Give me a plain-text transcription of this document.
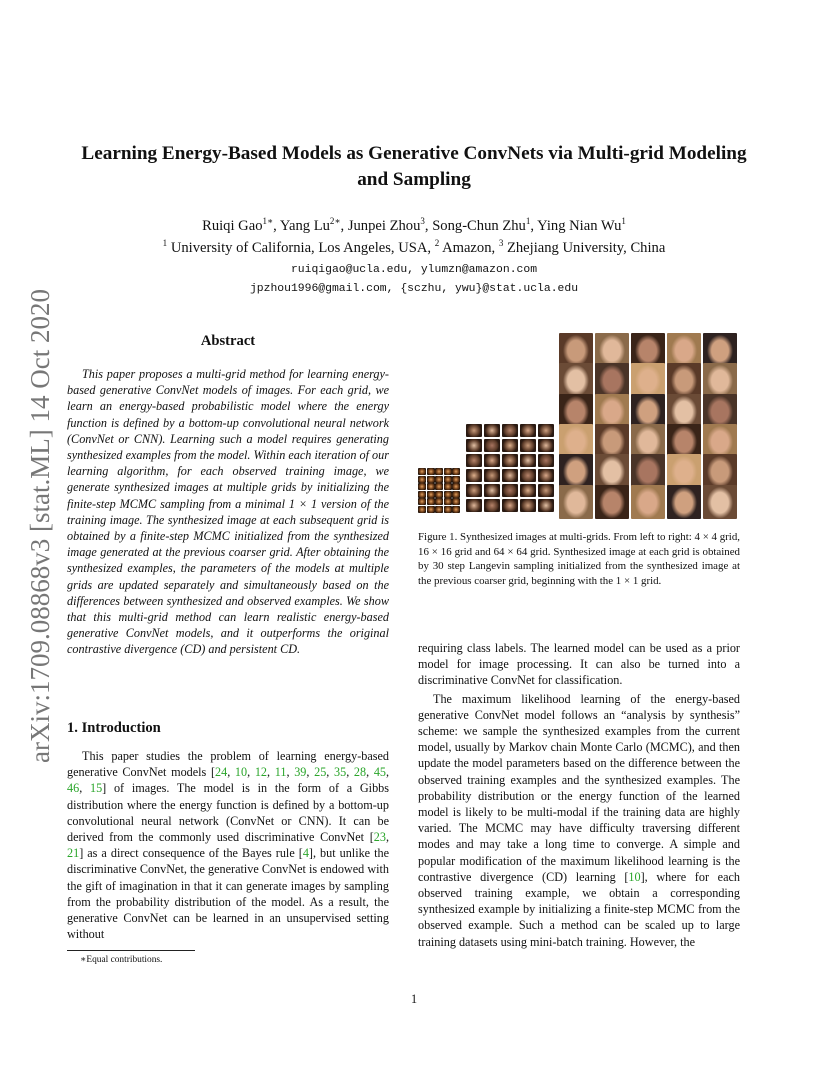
arXiv:1709.08868v3 [stat.ML] 14 Oct 2020
Learning Energy-Based Models as Generative ConvNets via Multi-grid Modeling
and Sampling
Ruiqi Gao$^{1∗}$, Yang $Lu^{2∗}$, Junpei Zhou$^3$, Song-Chun Zhu$^1$, Ying Nian Wu$^1$
$^1$ University of California, Los Angeles, USA, $^2$ Amazon, $^3$ Zhejiang University, China
ruiqigao@ucla.edu, ylumzn@amazon.com
jpzhou1996@gmail.com, {sczhu, ywu}@stat.ucla.edu
Abstract
This paper proposes a multi-grid method for learning energy-based generative ConvNet models of images. For each grid, we learn an energy-based probabilistic model where the energy function is defined by a bottom-up convolutional neural network (ConvNet or CNN). Learning such a model requires generating synthesized examples from the model. Within each iteration of our learning algorithm, for each observed training image, we generate synthesized images at multiple grids by initializing the finite-step MCMC sampling from a minimal 1 × 1 version of the training image. The synthesized image at each subsequent grid is obtained by a finite-step MCMC initialized from the synthesized image generated at the previous coarser grid. After obtaining the synthesized examples, the parameters of the models at multiple grids are updated separately and simultaneously based on the differences between synthesized and observed examples. We show that this multi-grid method can learn realistic energy-based generative ConvNet models, and it outperforms the original contrastive divergence (CD) and persistent CD.
1. Introduction
This paper studies the problem of learning energy-based generative ConvNet models [24, 10, 12, 11, 39, 25, 35, 28, 45, 46, 15] of images. The model is in the form of a Gibbs distribution where the energy function is defined by a bottom-up convolutional neural network (ConvNet or CNN). It can be derived from the commonly used discriminative ConvNet [23, 21] as a direct consequence of the Bayes rule [4], but unlike the discriminative ConvNet, the generative ConvNet is endowed with the gift of imagination in that it can generate images by sampling from the probability distribution of the model. As a result, the generative ConvNet can be learned in an unsupervised setting without
∗Equal contributions.
Figure 1. Synthesized images at multi-grids. From left to right: 4 × 4 grid, 16 × 16 grid and 64 × 64 grid. Synthesized image at each grid is obtained by 30 step Langevin sampling initialized from the synthesized image at the previous coarser grid, beginning with the 1 × 1 grid.

requiring class labels. The learned model can be used as a prior model for image processing. It can also be turned into a discriminative ConvNet for classification.

The maximum likelihood learning of the energy-based generative ConvNet model follows an “analysis by synthesis” scheme: we sample the synthesized examples from the current model, usually by Markov chain Monte Carlo (MCMC), and then update the model parameters based on the difference between the observed training examples and the synthesized examples. The probability distribution or the energy function of the learned model is likely to be multi-modal if the training data are highly varied. The MCMC may have difficulty traversing different modes and may take a long time to converge. A simple and popular modification of the maximum likelihood learning is the contrastive divergence (CD) learning [10], where for each observed training example, we obtain a corresponding synthesized example by initializing a finite-step MCMC from the observed example. Such a method can be scaled up to large training datasets using mini-batch training. However, the

1
